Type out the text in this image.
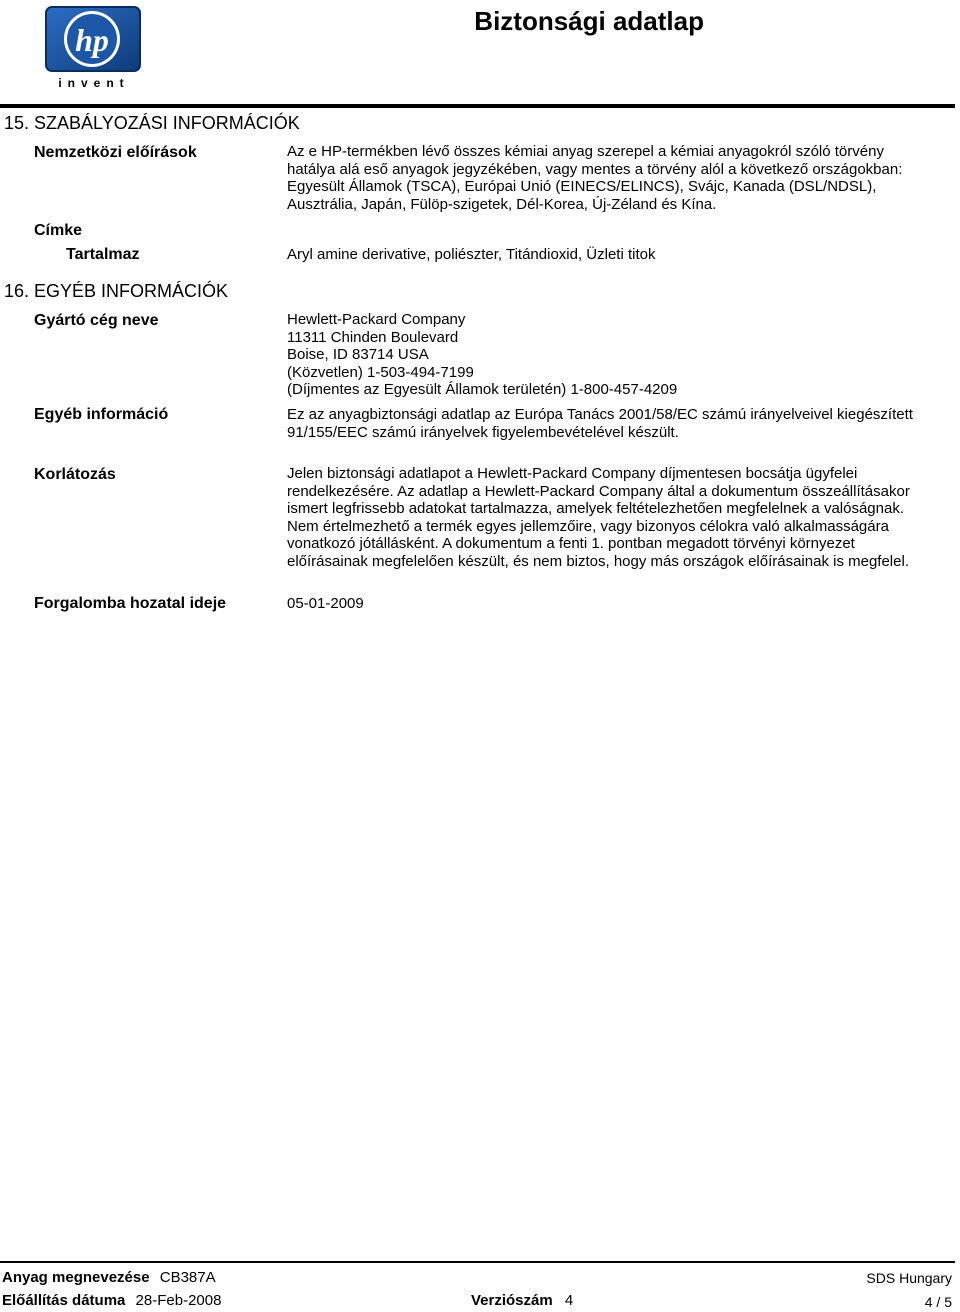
hp
invent
Biztonsági adatlap
15. SZABÁLYOZÁSI INFORMÁCIÓK
Nemzetközi előírások	Az e HP-termékben lévő összes kémiai anyag szerepel a kémiai anyagokról szóló törvény hatálya alá eső anyagok jegyzékében, vagy mentes a törvény alól a következő országokban: Egyesült Államok (TSCA), Európai Unió (EINECS/ELINCS), Svájc, Kanada (DSL/NDSL), Ausztrália, Japán, Fülöp-szigetek, Dél-Korea, Új-Zéland és Kína.
Címke
Tartalmaz	Aryl amine derivative, poliészter, Titándioxid, Üzleti titok
16. EGYÉB INFORMÁCIÓK
Gyártó cég neve	Hewlett-Packard Company
11311 Chinden Boulevard
Boise, ID 83714 USA
(Közvetlen) 1-503-494-7199
(Díjmentes az Egyesült Államok területén) 1-800-457-4209
Egyéb információ	Ez az anyagbiztonsági adatlap az Európa Tanács 2001/58/EC számú irányelveivel kiegészített 91/155/EEC számú irányelvek figyelembevételével készült.
Korlátozás	Jelen biztonsági adatlapot a Hewlett-Packard Company díjmentesen bocsátja ügyfelei rendelkezésére. Az adatlap a Hewlett-Packard Company által a dokumentum összeállításakor ismert legfrissebb adatokat tartalmazza, amelyek feltételezhetően megfelelnek a valóságnak. Nem értelmezhető a termék egyes jellemzőire, vagy bizonyos célokra való alkalmasságára vonatkozó jótállásként. A dokumentum a fenti 1. pontban megadott törvényi környezet előírásainak megfelelően készült, és nem biztos, hogy más országok előírásainak is megfelel.
Forgalomba hozatal ideje	05-01-2009
Anyag megnevezése CB387A
Előállítás dátuma 28-Feb-2008	Verziószám 4
SDS Hungary
4 / 5
